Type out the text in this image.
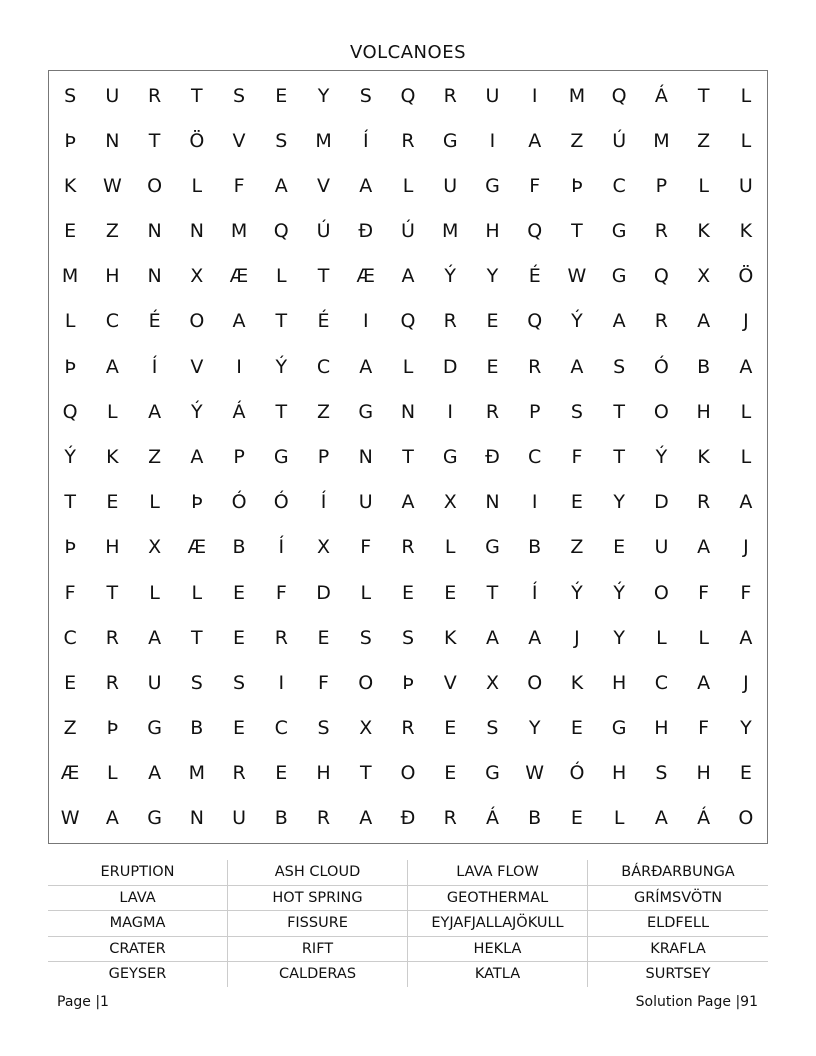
VOLCANOES
S	U	R	T	S	E	Y	S	Q	R	U	I	M	Q	Á	T	L
Þ	N	T	Ö	V	S	M	Í	R	G	I	A	Z	Ú	M	Z	L
K	W	O	L	F	A	V	A	L	U	G	F	Þ	C	P	L	U
E	Z	N	N	M	Q	Ú	Ð	Ú	M	H	Q	T	G	R	K	K
M	H	N	X	Æ	L	T	Æ	A	Ý	Y	É	W	G	Q	X	Ö
L	C	É	O	A	T	É	I	Q	R	E	Q	Ý	A	R	A	J
Þ	A	Í	V	I	Ý	C	A	L	D	E	R	A	S	Ó	B	A
Q	L	A	Ý	Á	T	Z	G	N	I	R	P	S	T	O	H	L
Ý	K	Z	A	P	G	P	N	T	G	Ð	C	F	T	Ý	K	L
T	E	L	Þ	Ó	Ó	Í	U	A	X	N	I	E	Y	D	R	A
Þ	H	X	Æ	B	Í	X	F	R	L	G	B	Z	E	U	A	J
F	T	L	L	E	F	D	L	E	E	T	Í	Ý	Ý	O	F	F
C	R	A	T	E	R	E	S	S	K	A	A	J	Y	L	L	A
E	R	U	S	S	I	F	O	Þ	V	X	O	K	H	C	A	J
Z	Þ	G	B	E	C	S	X	R	E	S	Y	E	G	H	F	Y
Æ	L	A	M	R	E	H	T	O	E	G	W	Ó	H	S	H	E
W	A	G	N	U	B	R	A	Ð	R	Á	B	E	L	A	Á	O
ERUPTION	ASH CLOUD	LAVA FLOW	BÁRÐARBUNGA
LAVA	HOT SPRING	GEOTHERMAL	GRÍMSVÖTN
MAGMA	FISSURE	EYJAFJALLAJÖKULL	ELDFELL
CRATER	RIFT	HEKLA	KRAFLA
GEYSER	CALDERAS	KATLA	SURTSEY
Page |1	Solution Page |91
